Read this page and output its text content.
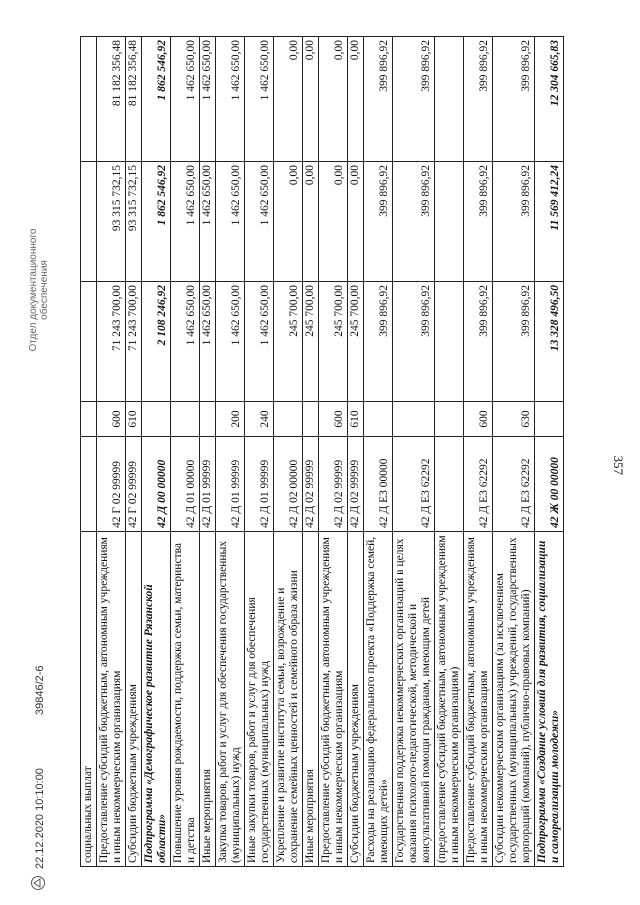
357
социальных выплат					
Предоставление субсидий бюджетным, автономным учреждениям и иным некоммерческим организациям	42 Г 02 99999	600	71 243 700,00	93 315 732,15	81 182 356,48
Субсидии бюджетным учреждениям	42 Г 02 99999	610	71 243 700,00	93 315 732,15	81 182 356,48
Подпрограмма «Демографическое развитие Рязанской области»	42 Д 00 00000		2 108 246,92	1 862 546,92	1 862 546,92
Повышение уровня рождаемости, поддержка семьи, материнства и детства	42 Д 01 00000		1 462 650,00	1 462 650,00	1 462 650,00
Иные мероприятия	42 Д 01 99999		1 462 650,00	1 462 650,00	1 462 650,00
Закупка товаров, работ и услуг для обеспечения государственных (муниципальных) нужд	42 Д 01 99999	200	1 462 650,00	1 462 650,00	1 462 650,00
Иные закупки товаров, работ и услуг для обеспечения государственных (муниципальных) нужд	42 Д 01 99999	240	1 462 650,00	1 462 650,00	1 462 650,00
Укрепление и развитие института семьи, возрождение и сохранение семейных ценностей и семейного образа жизни	42 Д 02 00000		245 700,00	0,00	0,00
Иные мероприятия	42 Д 02 99999		245 700,00	0,00	0,00
Предоставление субсидий бюджетным, автономным учреждениям и иным некоммерческим организациям	42 Д 02 99999	600	245 700,00	0,00	0,00
Субсидии бюджетным учреждениям	42 Д 02 99999	610	245 700,00	0,00	0,00
Расходы на реализацию федерального проекта «Поддержка семей, имеющих детей»	42 Д Е3 00000		399 896,92	399 896,92	399 896,92
Государственная поддержка некоммерческих организаций в целях оказания психолого-педагогической, методической и консультативной помощи гражданам, имеющим детей	42 Д Е3 62292		399 896,92	399 896,92	399 896,92
(предоставление субсидий бюджетным, автономным учреждениям и иным некоммерческим организациям)					
Предоставление субсидий бюджетным, автономным учреждениям и иным некоммерческим организациям	42 Д Е3 62292	600	399 896,92	399 896,92	399 896,92
Субсидии некоммерческим организациям (за исключением государственных (муниципальных) учреждений, государственных корпораций (компаний), публично-правовых компаний)	42 Д Е3 62292	630	399 896,92	399 896,92	399 896,92
Подпрограмма «Создание условий для развития, социализации и самореализации молодежи»	42 Ж 00 00000		13 328 496,50	11 569 412,24	12 304 665,83
22.12.2020 10:10:00
39846/2-6
Отдел документационного обеспечения
